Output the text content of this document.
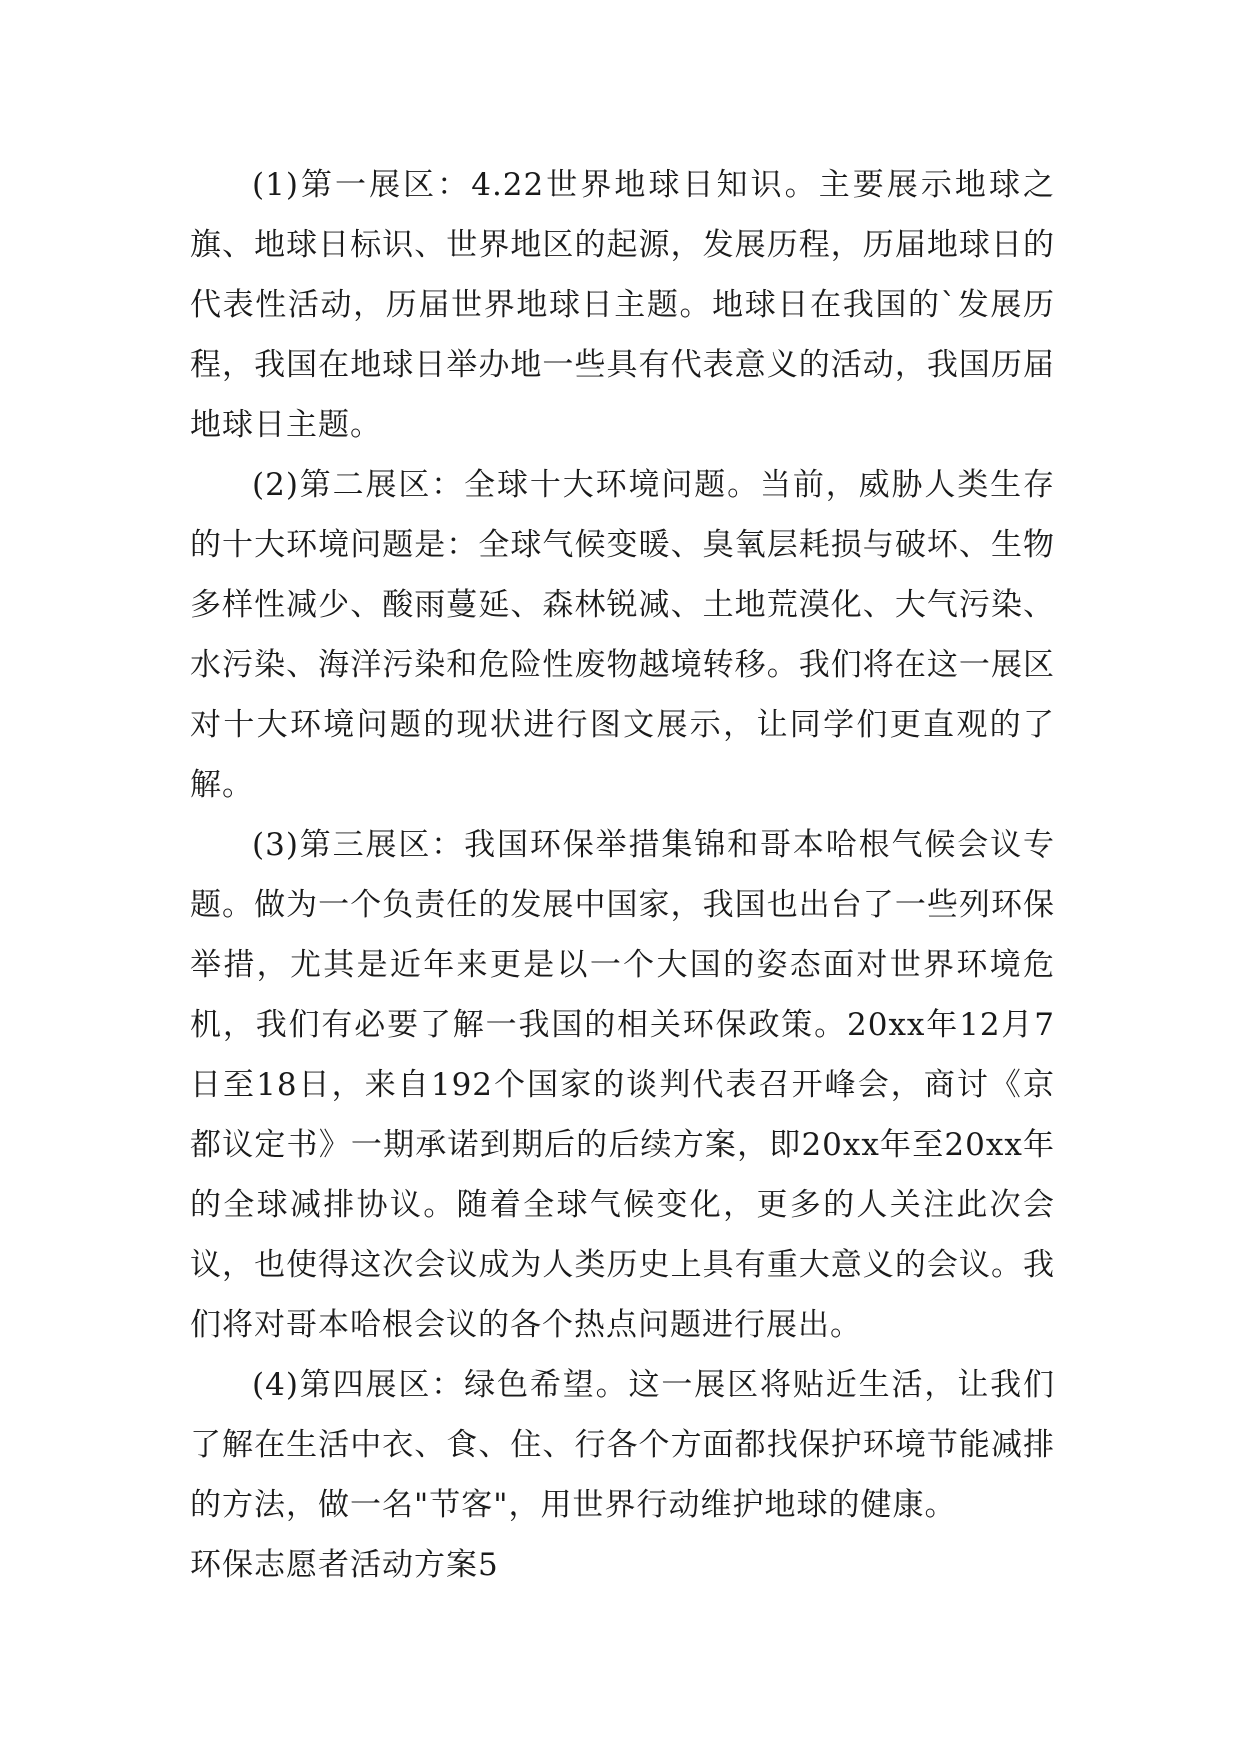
(1)第一展区：4.22世界地球日知识。主要展示地球之旗、地球日标识、世界地区的起源，发展历程，历届地球日的代表性活动，历届世界地球日主题。地球日在我国的`发展历程，我国在地球日举办地一些具有代表意义的活动，我国历届地球日主题。

(2)第二展区：全球十大环境问题。当前，威胁人类生存的十大环境问题是：全球气候变暖、臭氧层耗损与破坏、生物多样性减少、酸雨蔓延、森林锐减、土地荒漠化、大气污染、水污染、海洋污染和危险性废物越境转移。我们将在这一展区对十大环境问题的现状进行图文展示，让同学们更直观的了解。

(3)第三展区：我国环保举措集锦和哥本哈根气候会议专题。做为一个负责任的发展中国家，我国也出台了一些列环保举措，尤其是近年来更是以一个大国的姿态面对世界环境危机，我们有必要了解一我国的相关环保政策。20xx年12月7日至18日，来自192个国家的谈判代表召开峰会，商讨《京都议定书》一期承诺到期后的后续方案，即20xx年至20xx年的全球减排协议。随着全球气候变化，更多的人关注此次会议，也使得这次会议成为人类历史上具有重大意义的会议。我们将对哥本哈根会议的各个热点问题进行展出。

(4)第四展区：绿色希望。这一展区将贴近生活，让我们了解在生活中衣、食、住、行各个方面都找保护环境节能减排的方法，做一名"节客"，用世界行动维护地球的健康。

环保志愿者活动方案5
